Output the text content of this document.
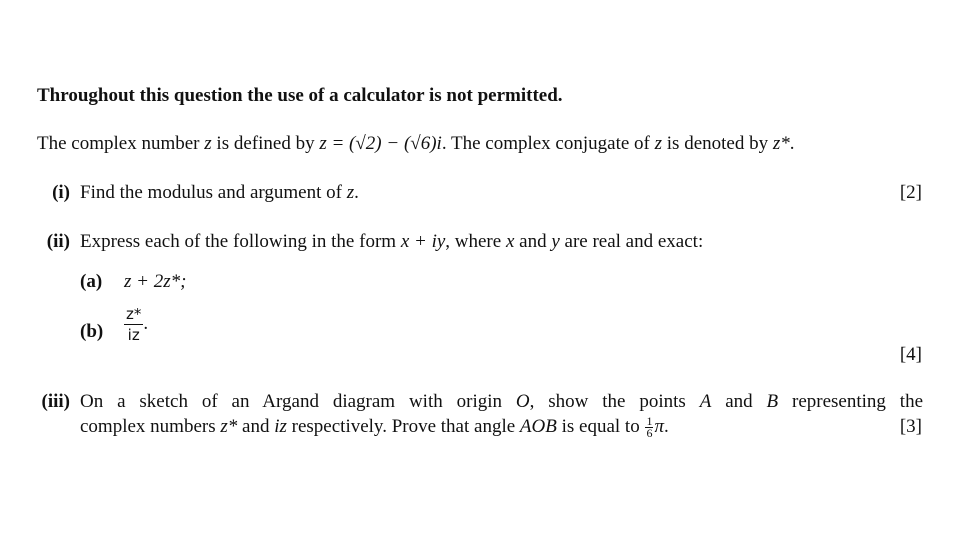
Throughout this question the use of a calculator is not permitted.
The complex number z is defined by z = (√2) − (√6)i. The complex conjugate of z is denoted by z*.
(i) Find the modulus and argument of z.	[2]
(ii) Express each of the following in the form x + iy, where x and y are real and exact:
(a) z + 2z*;
$(b) \frac{z*}{iz}$ .
[4]
(iii) On a sketch of an Argand diagram with origin O, show the points A and B representing the
complex numbers z* and iz respectively. Prove that angle AOB is equal to $\frac{1}{6} \pi$.	[3]
